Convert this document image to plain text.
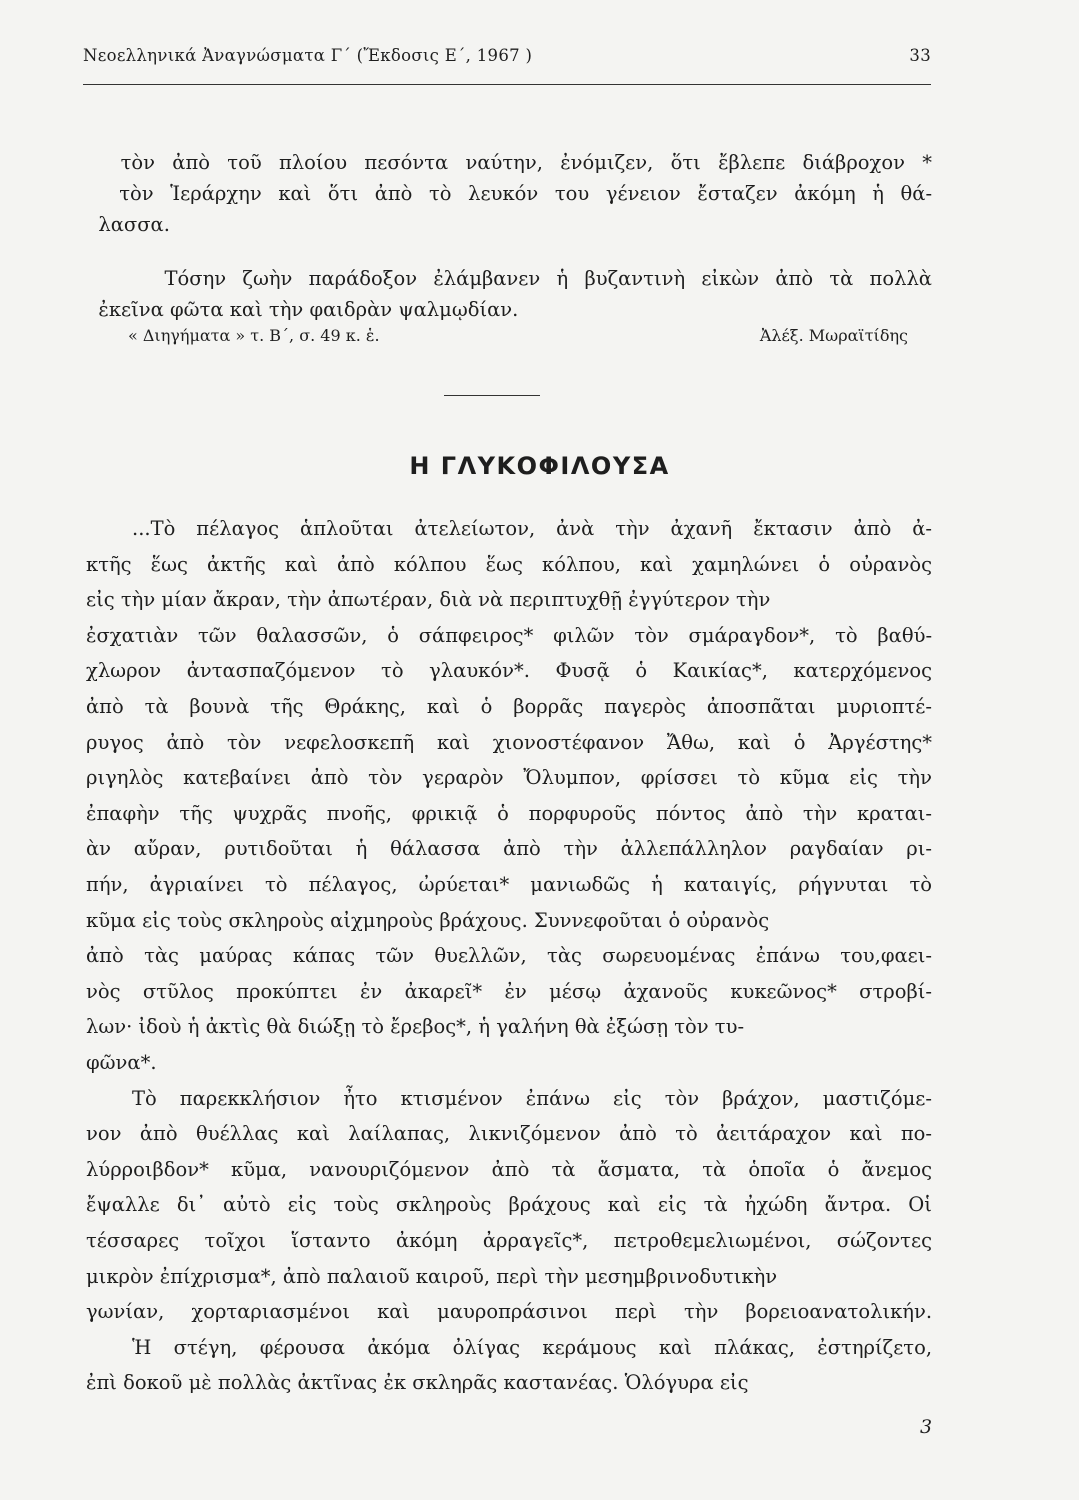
Νεοελληνικά Ἀναγνώσματα Γ΄ (Ἔκδοσις Ε΄, 1967 )	33

τὸν ἀπὸ τοῦ πλοίου πεσόντα ναύτην, ἐνόμιζεν, ὅτι ἔβλεπε διάβροχον *

τὸν Ἱεράρχην καὶ ὅτι ἀπὸ τὸ λευκόν του γένειον ἔσταζεν ἀκόμη ἡ θά-

λασσα.

Τόσην ζωὴν παράδοξον ἐλάμβανεν ἡ βυζαντινὴ εἰκὼν ἀπὸ τὰ πολλὰ

ἐκεῖνα φῶτα καὶ τὴν φαιδρὰν ψαλμῳδίαν.

« Διηγήματα » τ. Β΄, σ. 49 κ. ἑ.	Ἀλέξ. Μωραϊτίδης
Η ΓΛΥΚΟΦΙΛΟΥΣΑ
...Τὸ πέλαγος ἁπλοῦται ἀτελείωτον, ἀνὰ τὴν ἀχανῆ ἔκτασιν ἀπὸ ἀ-
κτῆς ἕως ἀκτῆς καὶ ἀπὸ κόλπου ἕως κόλπου, καὶ χαμηλώνει ὁ οὐρανὸς
εἰς τὴν μίαν ἄκραν, τὴν ἀπωτέραν, διὰ νὰ περιπτυχθῇ ἐγγύτερον τὴν
ἐσχατιὰν τῶν θαλασσῶν, ὁ σάπφειρος* φιλῶν τὸν σμάραγδον*, τὸ βαθύ-
χλωρον ἀντασπαζόμενον τὸ γλαυκόν*. Φυσᾷ ὁ Καικίας*, κατερχόμενος
ἀπὸ τὰ βουνὰ τῆς Θράκης, καὶ ὁ βορρᾶς παγερὸς ἀποσπᾶται μυριοπτέ-
ρυγος ἀπὸ τὸν νεφελοσκεπῆ καὶ χιονοστέφανον Ἄθω, καὶ ὁ Ἀργέστης*
ριγηλὸς κατεβαίνει ἀπὸ τὸν γεραρὸν Ὄλυμπον, φρίσσει τὸ κῦμα εἰς τὴν
ἐπαφὴν τῆς ψυχρᾶς πνοῆς, φρικιᾷ ὁ πορφυροῦς πόντος ἀπὸ τὴν κραται-
ὰν αὔραν, ρυτιδοῦται ἡ θάλασσα ἀπὸ τὴν ἀλλεπάλληλον ραγδαίαν ρι-
πήν, ἀγριαίνει τὸ πέλαγος, ὠρύεται* μανιωδῶς ἡ καταιγίς, ρήγνυται τὸ
κῦμα εἰς τοὺς σκληροὺς αἰχμηροὺς βράχους. Συννεφοῦται ὁ οὐρανὸς
ἀπὸ τὰς μαύρας κάπας τῶν θυελλῶν, τὰς σωρευομένας ἐπάνω του,φαει-
νὸς στῦλος προκύπτει ἐν ἀκαρεῖ* ἐν μέσῳ ἀχανοῦς κυκεῶνος* στροβί-
λων· ἰδοὺ ἡ ἀκτὶς θὰ διώξῃ τὸ ἔρεβος*, ἡ γαλήνη θὰ ἐξώσῃ τὸν τυ-
φῶνα*.
Τὸ παρεκκλήσιον ἦτο κτισμένον ἐπάνω εἰς τὸν βράχον, μαστιζόμε-
νον ἀπὸ θυέλλας καὶ λαίλαπας, λικνιζόμενον ἀπὸ τὸ ἀειτάραχον καὶ πο-
λύρροιβδον* κῦμα, νανουριζόμενον ἀπὸ τὰ ἄσματα, τὰ ὁποῖα ὁ ἄνεμος
ἔψαλλε δι᾽ αὐτὸ εἰς τοὺς σκληροὺς βράχους καὶ εἰς τὰ ἠχώδη ἄντρα. Οἱ
τέσσαρες τοῖχοι ἵσταντο ἀκόμη ἀρραγεῖς*, πετροθεμελιωμένοι, σώζοντες
μικρὸν ἐπίχρισμα*, ἀπὸ παλαιοῦ καιροῦ, περὶ τὴν μεσημβρινοδυτικὴν
γωνίαν, χορταριασμένοι καὶ μαυροπράσινοι περὶ τὴν βορειοανατολικήν.
Ἡ στέγη, φέρουσα ἀκόμα ὀλίγας κεράμους καὶ πλάκας, ἐστηρίζετο,
ἐπὶ δοκοῦ μὲ πολλὰς ἀκτῖνας ἐκ σκληρᾶς καστανέας. Ὁλόγυρα εἰς
3
